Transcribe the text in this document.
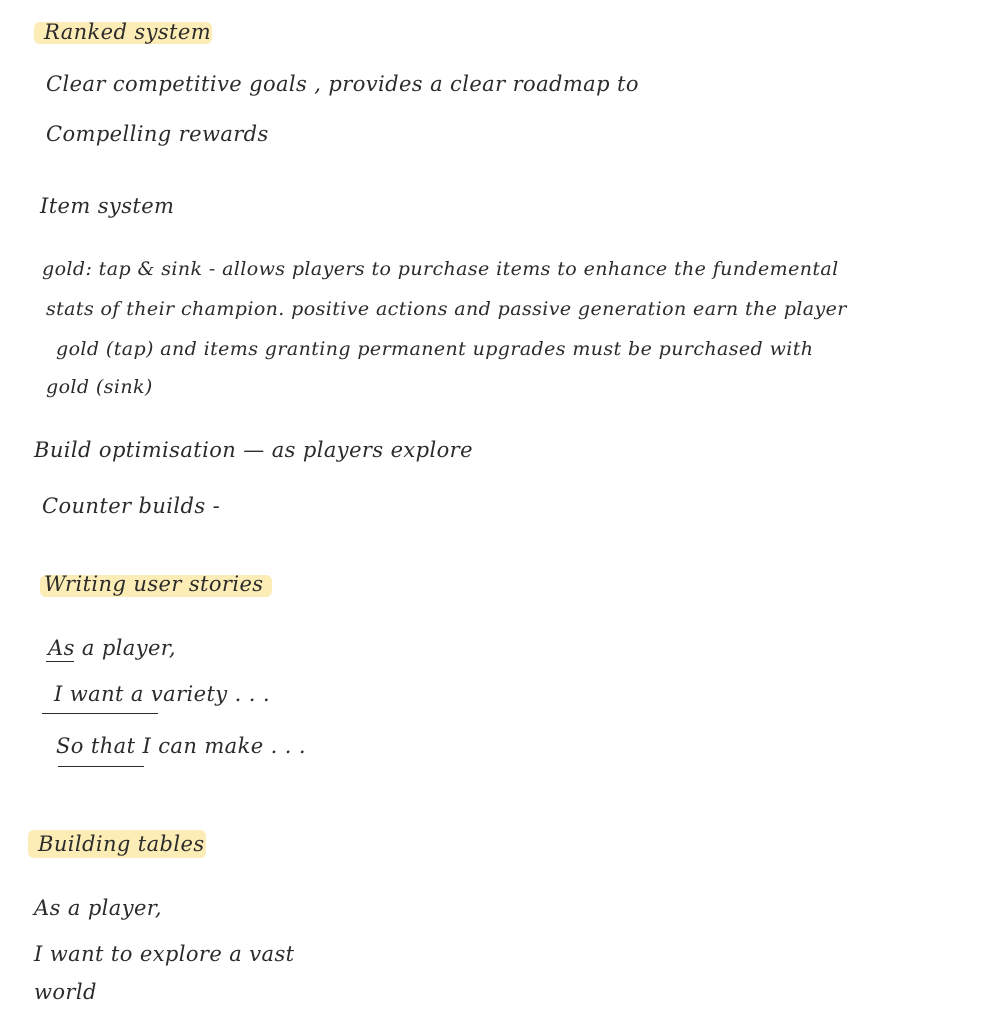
Ranked system
Clear competitive goals , provides a clear roadmap to
Compelling rewards
Item system
gold: tap & sink - allows players to purchase items to enhance the fundemental
stats of their champion. positive actions and passive generation earn the player
gold (tap) and items granting permanent upgrades must be purchased with
gold (sink)
Build optimisation — as players explore
Counter builds -
Writing user stories
As a player,
I want a variety . . .
So that I can make . . .
Building tables
As a player,
I want to explore a vast
world
